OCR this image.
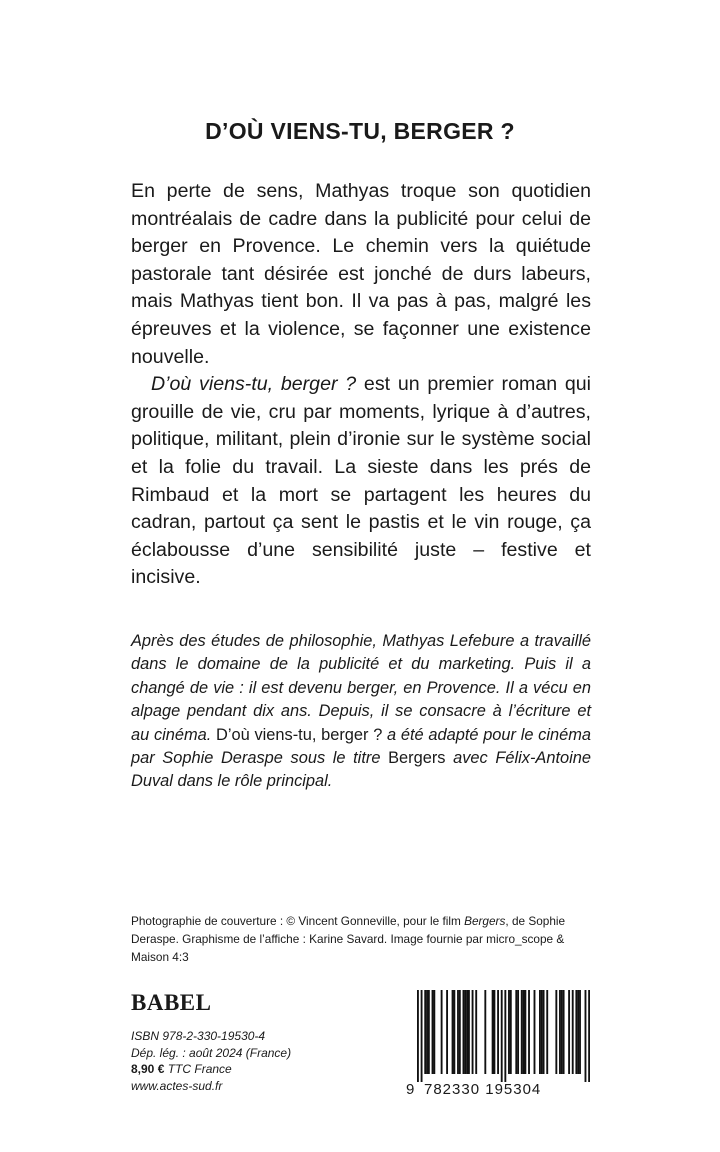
D’OÙ VIENS-TU, BERGER ?

En perte de sens, Mathyas troque son quotidien montréalais de cadre dans la publicité pour celui de berger en Provence. Le chemin vers la quiétude pastorale tant désirée est jonché de durs labeurs, mais Mathyas tient bon. Il va pas à pas, malgré les épreuves et la violence, se façonner une existence nouvelle.

D’où viens-tu, berger ? est un premier roman qui grouille de vie, cru par moments, lyrique à d’autres, politique, militant, plein d’ironie sur le système social et la folie du travail. La sieste dans les prés de Rimbaud et la mort se partagent les heures du cadran, partout ça sent le pastis et le vin rouge, ça éclabousse d’une sensibilité juste – festive et incisive.

Après des études de philosophie, Mathyas Lefebure a travaillé dans le domaine de la publicité et du marketing. Puis il a changé de vie : il est devenu berger, en Provence. Il a vécu en alpage pendant dix ans. Depuis, il se consacre à l’écriture et au cinéma. D’où viens-tu, berger ? a été adapté pour le cinéma par Sophie Deraspe sous le titre Bergers avec Félix-Antoine Duval dans le rôle principal.
Photographie de couverture : © Vincent Gonneville, pour le film Bergers, de Sophie Deraspe. Graphisme de l’affiche : Karine Savard. Image fournie par micro_scope & Maison 4:3
BABEL
ISBN 978-2-330-19530-4
Dép. lég. : août 2024 (France)
8,90 € TTC France
www.actes-sud.fr	9 782330 195304
